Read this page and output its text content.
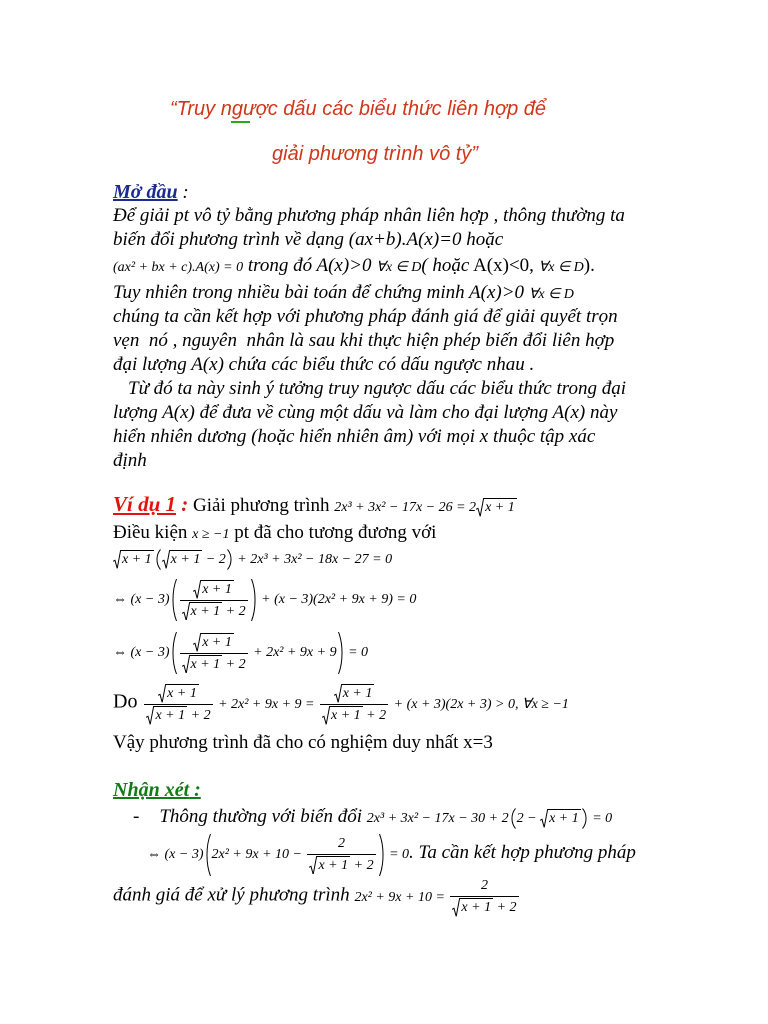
“Truy ngược dấu các biểu thức liên hợp để
giải phương trình vô tỷ”
Mở đầu :
Để giải pt vô tỷ bằng phương pháp nhân liên hợp , thông thường ta
biến đổi phương trình về dạng (ax+b).A(x)=0 hoặc
(ax² + bx + c).A(x) = 0 trong đó A(x)>0 ∀x ∈ D( hoặc A(x)<0, ∀x ∈ D).
Tuy nhiên trong nhiều bài toán để chứng minh A(x)>0 ∀x ∈ D
chúng ta cần kết hợp với phương pháp đánh giá để giải quyết trọn
vẹn  nó , nguyên  nhân là sau khi thực hiện phép biến đổi liên hợp
đại lượng A(x) chứa các biểu thức có dấu ngược nhau .
Từ đó ta này sinh ý tưởng truy ngược dấu các biểu thức trong đại
lượng A(x) để đưa về cùng một dấu và làm cho đại lượng A(x) này
hiển nhiên dương (hoặc hiển nhiên âm) với mọi x thuộc tập xác
định
Ví dụ 1 : Giải phương trình 2x³ + 3x² − 17x − 26 = 2 x + 1
Điều kiện x ≥ −1 pt đã cho tương đương với
x + 1 x + 1 − 2 + 2x³ + 3x² − 18x − 27 = 0
⇔ $(x - 3) \frac{x + 1}{x + 1 + 2} + (x - 3)(2x^2 + 9x + 9) = 0$
⇔ $(x - 3) \frac{x + 1}{x + 1 + 2} + 2x^2 + 9x + 9 = 0$
Do $\frac{x + 1}{x + 1 + 2} + 2x^2 + 9x + 9 = \frac{x + 1}{x + 1 + 2} + (x + 3)(2x + 3) > 0$, ∀x ≥ −1
Vậy phương trình đã cho có nghiệm duy nhất x=3
Nhận xét :
- Thông thường với biến đổi 2x³ + 3x² − 17x − 30 + 2 2 −
x + 1 = 0
⇔ (x − 3) $2x^2 + 9x + 10 - \frac{2}{x + 1 + 2} = 0$. Ta cần kết hợp phương pháp
đánh giá để xử lý phương trình $2x^2 + 9x + 10 = \frac{2}{x + 1 + 2}$
